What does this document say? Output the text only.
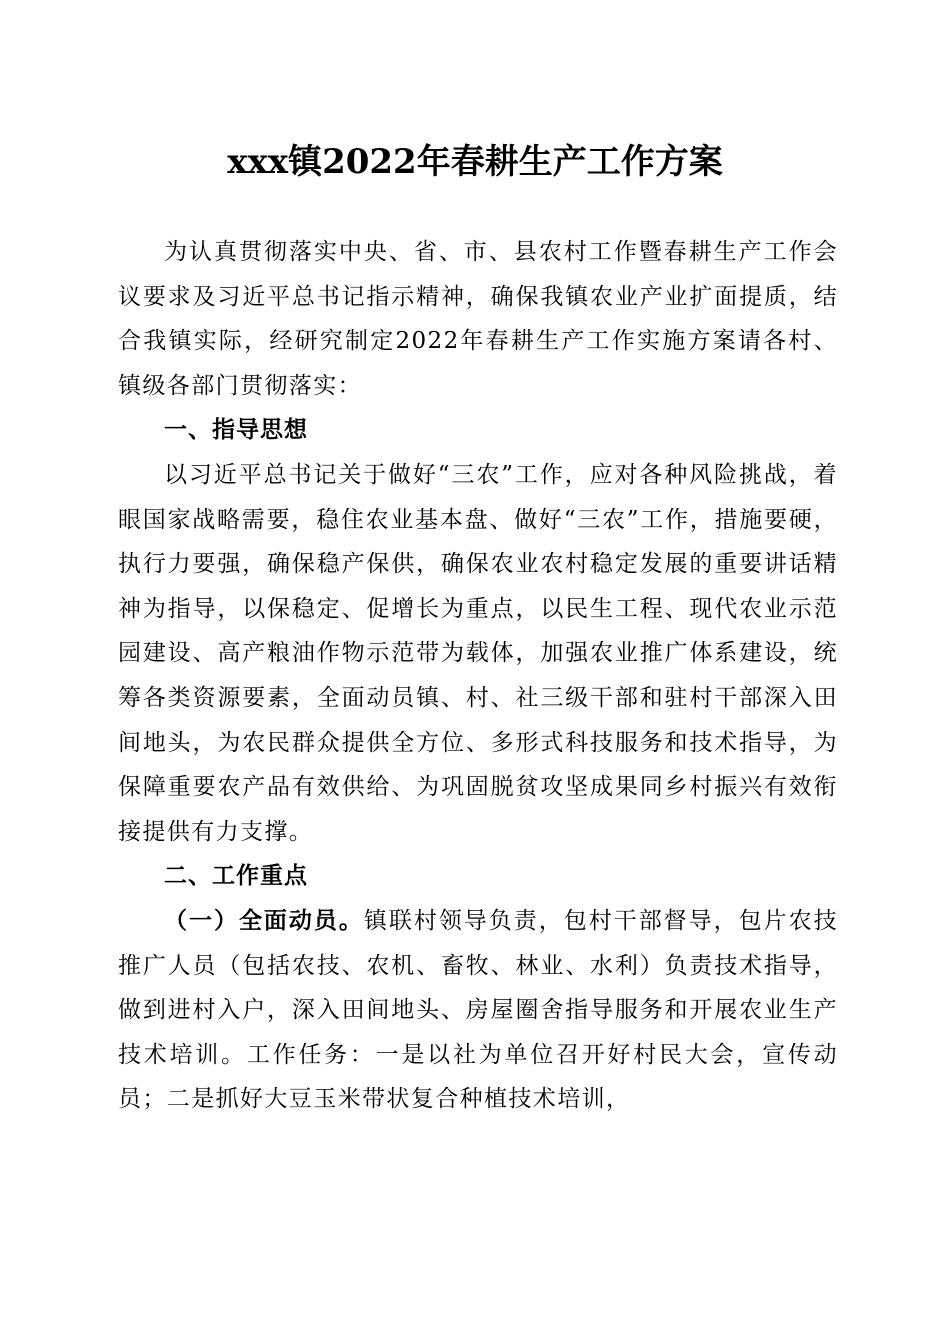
xxx镇2022年春耕生产工作方案

为认真贯彻落实中央、省、市、县农村工作暨春耕生产工作会议要求及习近平总书记指示精神，确保我镇农业产业扩面提质，结合我镇实际，经研究制定2022年春耕生产工作实施方案请各村、镇级各部门贯彻落实：

一、指导思想

以习近平总书记关于做好“三农”工作，应对各种风险挑战，着眼国家战略需要，稳住农业基本盘、做好“三农”工作，措施要硬，执行力要强，确保稳产保供，确保农业农村稳定发展的重要讲话精神为指导，以保稳定、促增长为重点，以民生工程、现代农业示范园建设、高产粮油作物示范带为载体，加强农业推广体系建设，统筹各类资源要素，全面动员镇、村、社三级干部和驻村干部深入田间地头，为农民群众提供全方位、多形式科技服务和技术指导，为保障重要农产品有效供给、为巩固脱贫攻坚成果同乡村振兴有效衔接提供有力支撑。

二、工作重点

（一）全面动员。镇联村领导负责，包村干部督导，包片农技推广人员（包括农技、农机、畜牧、林业、水利）负责技术指导，做到进村入户，深入田间地头、房屋圈舍指导服务和开展农业生产技术培训。工作任务：一是以社为单位召开好村民大会，宣传动员；二是抓好大豆玉米带状复合种植技术培训，
